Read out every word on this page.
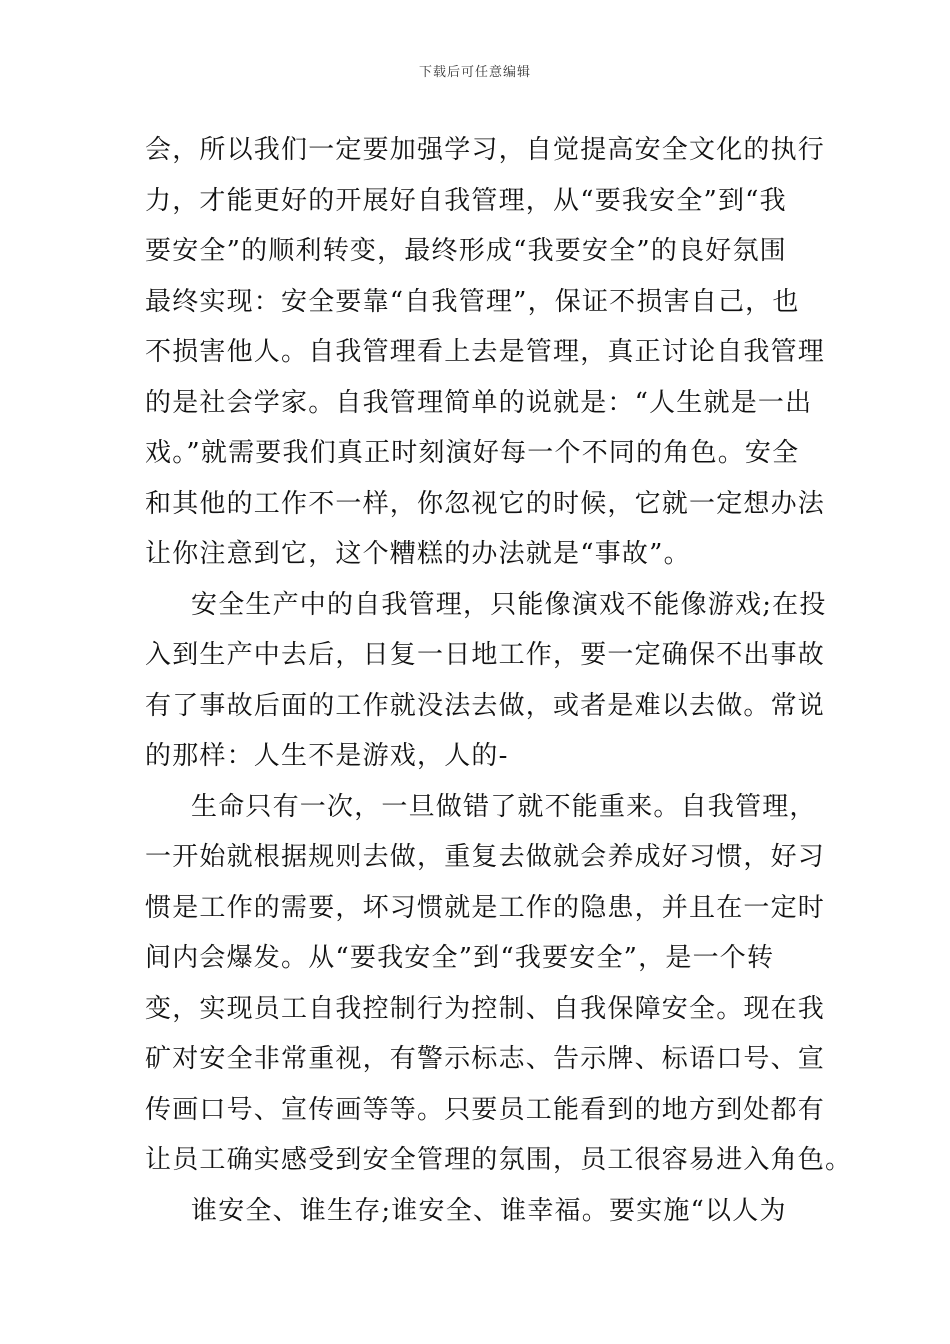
下载后可任意编辑
会，所以我们一定要加强学习，自觉提高安全文化的执行
力，才能更好的开展好自我管理，从“要我安全”到“我
要安全”的顺利转变，最终形成“我要安全”的良好氛围
最终实现：安全要靠“自我管理”，保证不损害自己，也
不损害他人。自我管理看上去是管理，真正讨论自我管理
的是社会学家。自我管理简单的说就是：“人生就是一出
戏。”就需要我们真正时刻演好每一个不同的角色。安全
和其他的工作不一样，你忽视它的时候，它就一定想办法
让你注意到它，这个糟糕的办法就是“事故”。
安全生产中的自我管理，只能像演戏不能像游戏;在投
入到生产中去后，日复一日地工作，要一定确保不出事故
有了事故后面的工作就没法去做，或者是难以去做。常说
的那样：人生不是游戏，人的-
生命只有一次，一旦做错了就不能重来。自我管理，
一开始就根据规则去做，重复去做就会养成好习惯，好习
惯是工作的需要，坏习惯就是工作的隐患，并且在一定时
间内会爆发。从“要我安全”到“我要安全”，是一个转
变，实现员工自我控制行为控制、自我保障安全。现在我
矿对安全非常重视，有警示标志、告示牌、标语口号、宣
传画口号、宣传画等等。只要员工能看到的地方到处都有
让员工确实感受到安全管理的氛围，员工很容易进入角色。
谁安全、谁生存;谁安全、谁幸福。要实施“以人为
